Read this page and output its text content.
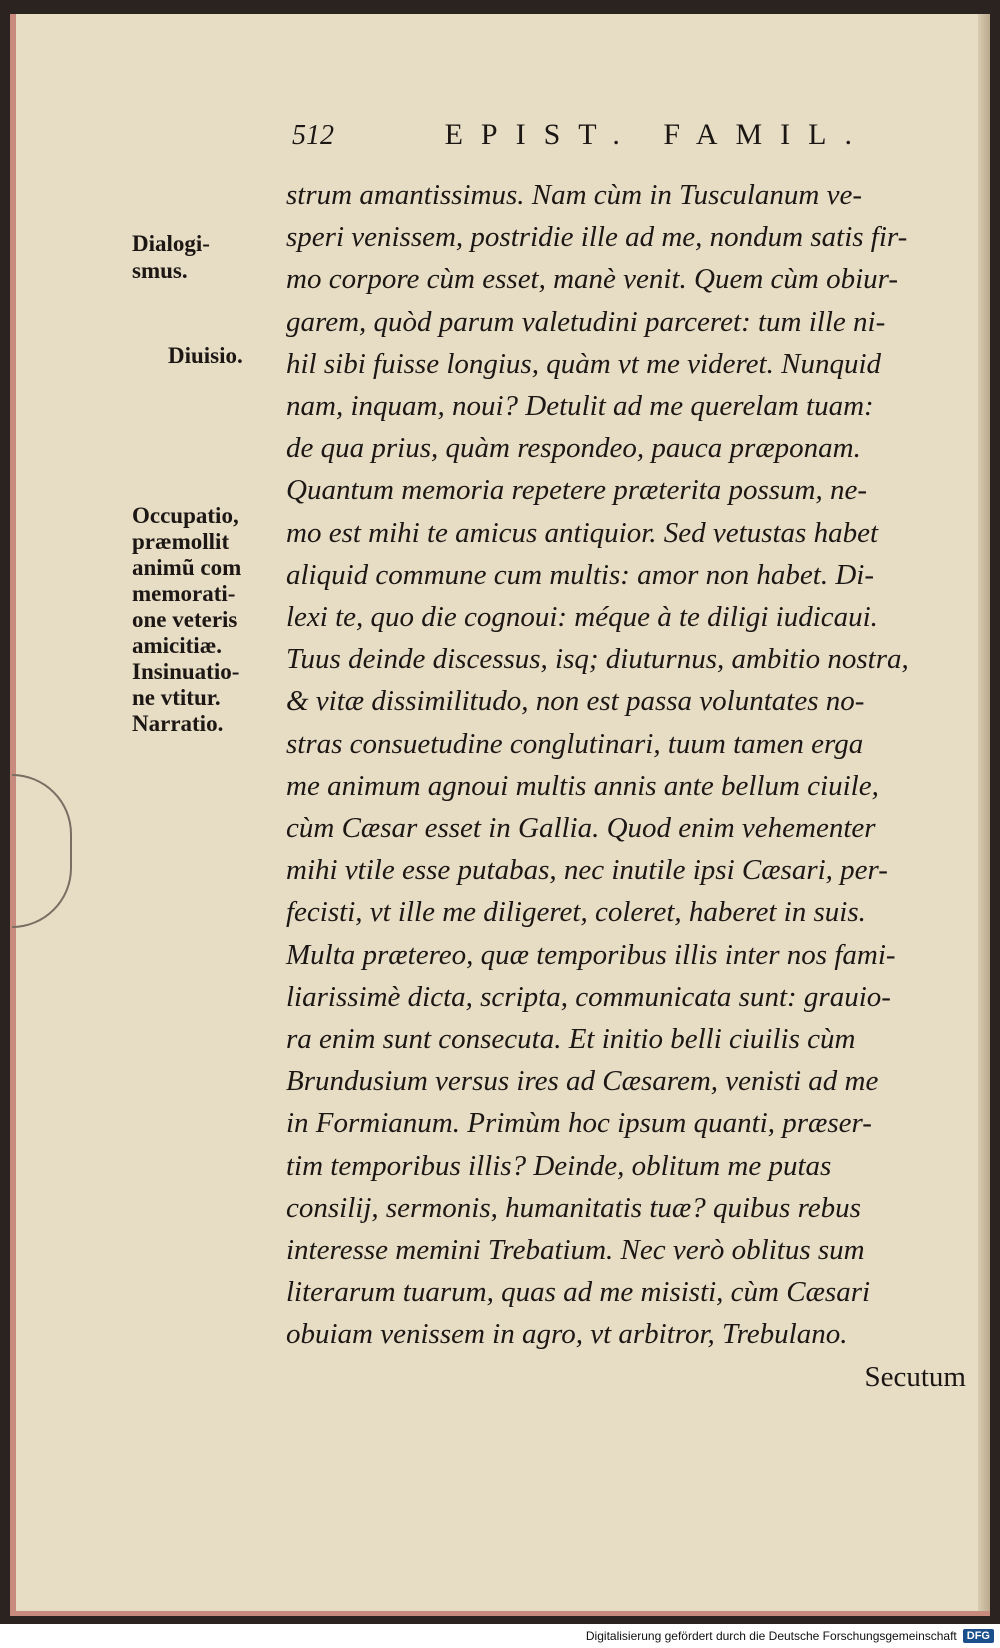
512	EPIST. FAMIL.
strum amantissimus. Nam cùm in Tusculanum ve-
speri venissem, postridie ille ad me, nondum satis fir-
mo corpore cùm esset, manè venit. Quem cùm obiur-
garem, quòd parum valetudini parceret: tum ille ni-
hil sibi fuisse longius, quàm vt me videret. Nunquid
nam, inquam, noui? Detulit ad me querelam tuam:
de qua prius, quàm respondeo, pauca præponam.
Quantum memoria repetere præterita possum, ne-
mo est mihi te amicus antiquior. Sed vetustas habet
aliquid commune cum multis: amor non habet. Di-
lexi te, quo die cognoui: méque à te diligi iudicaui.
Tuus deinde discessus, isq; diuturnus, ambitio nostra,
& vitæ dissimilitudo, non est passa voluntates no-
stras consuetudine conglutinari, tuum tamen erga
me animum agnoui multis annis ante bellum ciuile,
cùm Cæsar esset in Gallia. Quod enim vehementer
mihi vtile esse putabas, nec inutile ipsi Cæsari, per-
fecisti, vt ille me diligeret, coleret, haberet in suis.
Multa prætereo, quæ temporibus illis inter nos fami-
liarissimè dicta, scripta, communicata sunt: grauio-
ra enim sunt consecuta. Et initio belli ciuilis cùm
Brundusium versus ires ad Cæsarem, venisti ad me
in Formianum. Primùm hoc ipsum quanti, præser-
tim temporibus illis? Deinde, oblitum me putas
consilij, sermonis, humanitatis tuæ? quibus rebus
interesse memini Trebatium. Nec verò oblitus sum
literarum tuarum, quas ad me misisti, cùm Cæsari
obuiam venissem in agro, vt arbitror, Trebulano.
Secutum
Dialogi-
smus.
Diuisio.
Occupatio,
præmollit
animũ com
memorati-
one veteris
amicitiæ.
Insinuatio-
ne vtitur.
Narratio.
Digitalisierung gefördert durch die Deutsche Forschungsgemeinschaft DFG
